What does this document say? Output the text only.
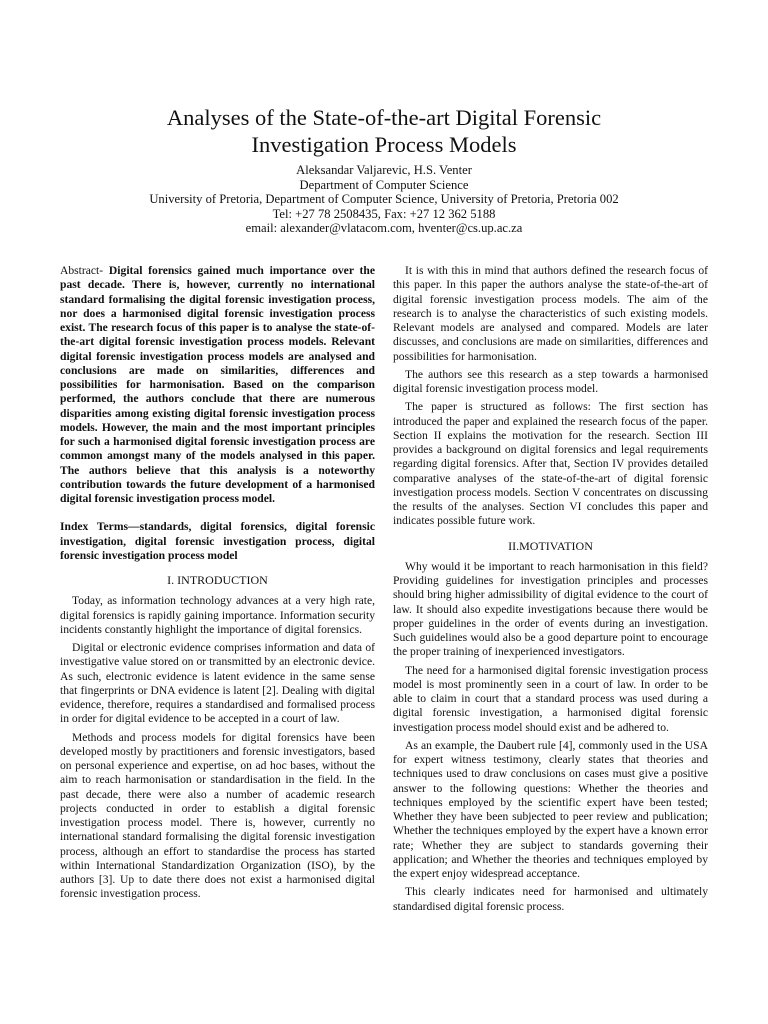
Analyses of the State-of-the-art Digital Forensic
Investigation Process Models
Aleksandar Valjarevic, H.S. Venter
Department of Computer Science
University of Pretoria, Department of Computer Science, University of Pretoria, Pretoria 002
Tel: +27 78 2508435, Fax: +27 12 362 5188
email: alexander@vlatacom.com, hventer@cs.up.ac.za

Abstract- Digital forensics gained much importance over the past decade. There is, however, currently no international standard formalising the digital forensic investigation process, nor does a harmonised digital forensic investigation process exist. The research focus of this paper is to analyse the state-of-the-art digital forensic investigation process models. Relevant digital forensic investigation process models are analysed and conclusions are made on similarities, differences and possibilities for harmonisation. Based on the comparison performed, the authors conclude that there are numerous disparities among existing digital forensic investigation process models. However, the main and the most important principles for such a harmonised digital forensic investigation process are common amongst many of the models analysed in this paper. The authors believe that this analysis is a noteworthy contribution towards the future development of a harmonised digital forensic investigation process model.

Index Terms—standards, digital forensics, digital forensic investigation, digital forensic investigation process, digital forensic investigation process model

I. INTRODUCTION

Today, as information technology advances at a very high rate, digital forensics is rapidly gaining importance. Information security incidents constantly highlight the importance of digital forensics.

Digital or electronic evidence comprises information and data of investigative value stored on or transmitted by an electronic device. As such, electronic evidence is latent evidence in the same sense that fingerprints or DNA evidence is latent [2]. Dealing with digital evidence, therefore, requires a standardised and formalised process in order for digital evidence to be accepted in a court of law.

Methods and process models for digital forensics have been developed mostly by practitioners and forensic investigators, based on personal experience and expertise, on ad hoc bases, without the aim to reach harmonisation or standardisation in the field. In the past decade, there were also a number of academic research projects conducted in order to establish a digital forensic investigation process model. There is, however, currently no international standard formalising the digital forensic investigation process, although an effort to standardise the process has started within International Standardization Organization (ISO), by the authors [3]. Up to date there does not exist a harmonised digital forensic investigation process.

It is with this in mind that authors defined the research focus of this paper. In this paper the authors analyse the state-of-the-art of digital forensic investigation process models. The aim of the research is to analyse the characteristics of such existing models. Relevant models are analysed and compared. Models are later discusses, and conclusions are made on similarities, differences and possibilities for harmonisation.

The authors see this research as a step towards a harmonised digital forensic investigation process model.

The paper is structured as follows: The first section has introduced the paper and explained the research focus of the paper. Section II explains the motivation for the research. Section III provides a background on digital forensics and legal requirements regarding digital forensics. After that, Section IV provides detailed comparative analyses of the state-of-the-art of digital forensic investigation process models. Section V concentrates on discussing the results of the analyses. Section VI concludes this paper and indicates possible future work.

II.MOTIVATION

Why would it be important to reach harmonisation in this field? Providing guidelines for investigation principles and processes should bring higher admissibility of digital evidence to the court of law. It should also expedite investigations because there would be proper guidelines in the order of events during an investigation. Such guidelines would also be a good departure point to encourage the proper training of inexperienced investigators.

The need for a harmonised digital forensic investigation process model is most prominently seen in a court of law. In order to be able to claim in court that a standard process was used during a digital forensic investigation, a harmonised digital forensic investigation process model should exist and be adhered to.

As an example, the Daubert rule [4], commonly used in the USA for expert witness testimony, clearly states that theories and techniques used to draw conclusions on cases must give a positive answer to the following questions: Whether the theories and techniques employed by the scientific expert have been tested; Whether they have been subjected to peer review and publication; Whether the techniques employed by the expert have a known error rate; Whether they are subject to standards governing their application; and Whether the theories and techniques employed by the expert enjoy widespread acceptance.

This clearly indicates need for harmonised and ultimately standardised digital forensic process.
